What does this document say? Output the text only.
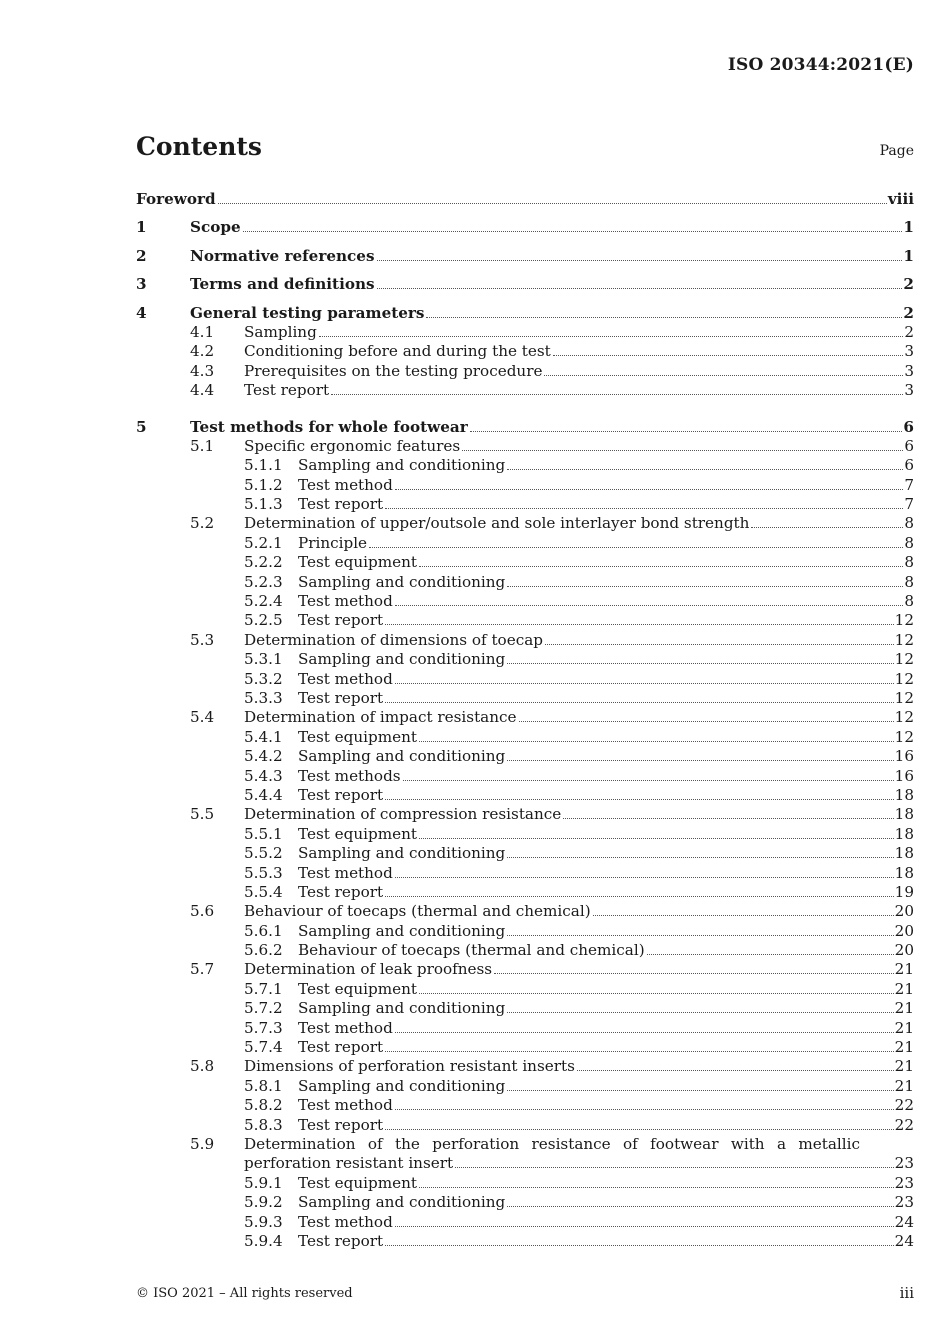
ISO 20344:2021(E)
Contents	Page
Foreword	viii
1	Scope	1
2	Normative references	1
3	Terms and definitions	2
4	General testing parameters	2
4.1 Sampling	2
4.2 Conditioning before and during the test	3
4.3 Prerequisites on the testing procedure	3
4.4 Test report	3
5	Test methods for whole footwear	6
5.1 Specific ergonomic features	6
5.1.1 Sampling and conditioning	6
5.1.2 Test method	7
5.1.3 Test report	7
5.2 Determination of upper/outsole and sole interlayer bond strength	8
5.2.1 Principle	8
5.2.2 Test equipment	8
5.2.3 Sampling and conditioning	8
5.2.4 Test method	8
5.2.5 Test report	12
5.3 Determination of dimensions of toecap	12
5.3.1 Sampling and conditioning	12
5.3.2 Test method	12
5.3.3 Test report	12
5.4 Determination of impact resistance	12
5.4.1 Test equipment	12
5.4.2 Sampling and conditioning	16
5.4.3 Test methods	16
5.4.4 Test report	18
5.5 Determination of compression resistance	18
5.5.1 Test equipment	18
5.5.2 Sampling and conditioning	18
5.5.3 Test method	18
5.5.4 Test report	19
5.6 Behaviour of toecaps (thermal and chemical)	20
5.6.1 Sampling and conditioning	20
5.6.2 Behaviour of toecaps (thermal and chemical)	20
5.7 Determination of leak proofness	21
5.7.1 Test equipment	21
5.7.2 Sampling and conditioning	21
5.7.3 Test method	21
5.7.4 Test report	21
5.8 Dimensions of perforation resistant inserts	21
5.8.1 Sampling and conditioning	21
5.8.2 Test method	22
5.8.3 Test report	22
5.9 Determination of the perforation resistance of footwear with a metallic
perforation resistant insert	23
5.9.1 Test equipment	23
5.9.2 Sampling and conditioning	23
5.9.3 Test method	24
5.9.4 Test report	24
© ISO 2021 – All rights reserved	iii
